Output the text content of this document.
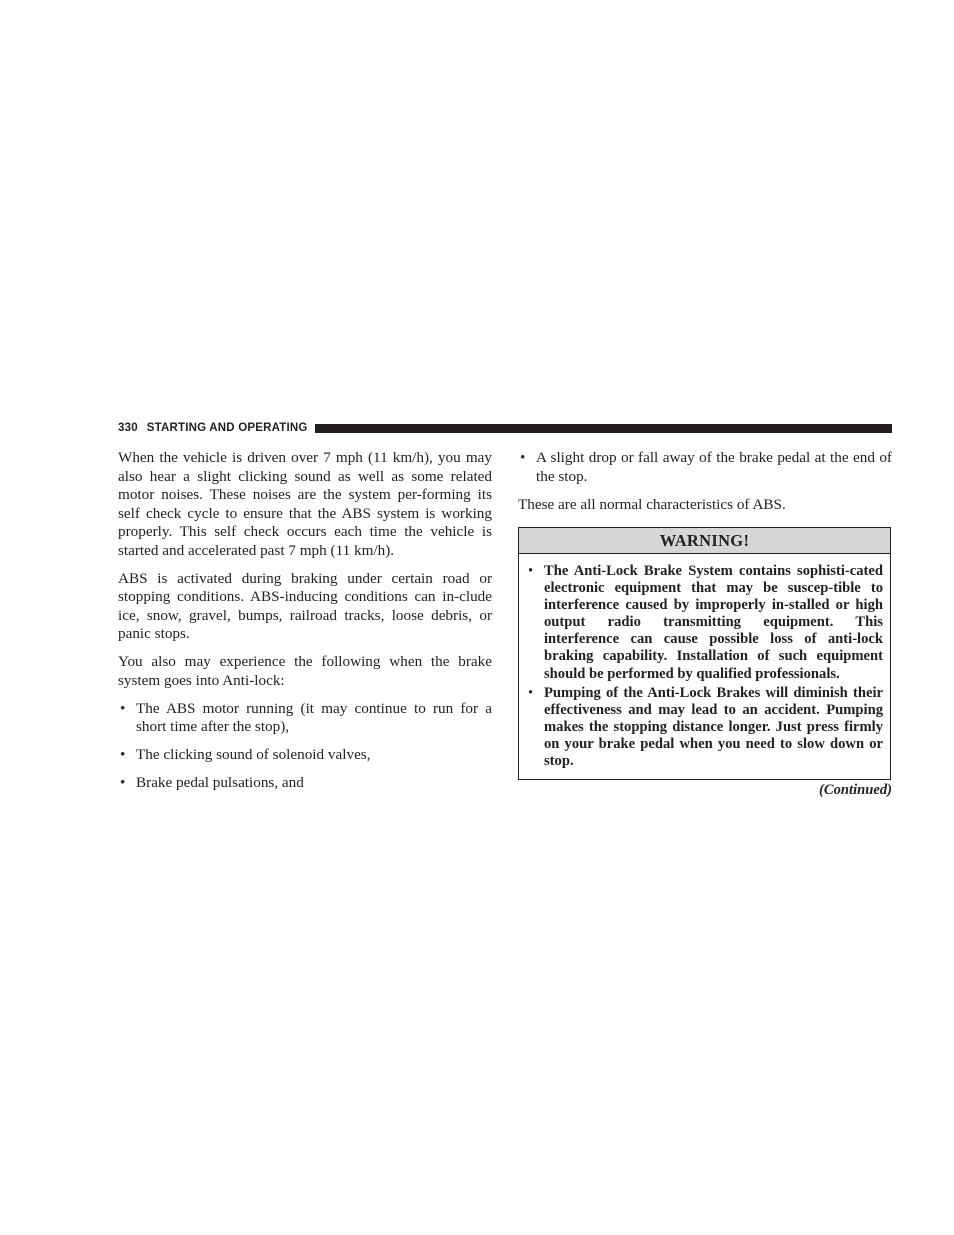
330 STARTING AND OPERATING

When the vehicle is driven over 7 mph (11 km/h), you may also hear a slight clicking sound as well as some related motor noises. These noises are the system per-forming its self check cycle to ensure that the ABS system is working properly. This self check occurs each time the vehicle is started and accelerated past 7 mph (11 km/h).

ABS is activated during braking under certain road or stopping conditions. ABS-inducing conditions can in-clude ice, snow, gravel, bumps, railroad tracks, loose debris, or panic stops.

You also may experience the following when the brake system goes into Anti-lock:

• The ABS motor running (it may continue to run for a short time after the stop),
• The clicking sound of solenoid valves,
• Brake pedal pulsations, and
• A slight drop or fall away of the brake pedal at the end of the stop.

These are all normal characteristics of ABS.

WARNING!
• The Anti-Lock Brake System contains sophisti-cated electronic equipment that may be suscep-tible to interference caused by improperly in-stalled or high output radio transmitting equipment. This interference can cause possible loss of anti-lock braking capability. Installation of such equipment should be performed by qualified professionals.
• Pumping of the Anti-Lock Brakes will diminish their effectiveness and may lead to an accident. Pumping makes the stopping distance longer. Just press firmly on your brake pedal when you need to slow down or stop.
(Continued)
